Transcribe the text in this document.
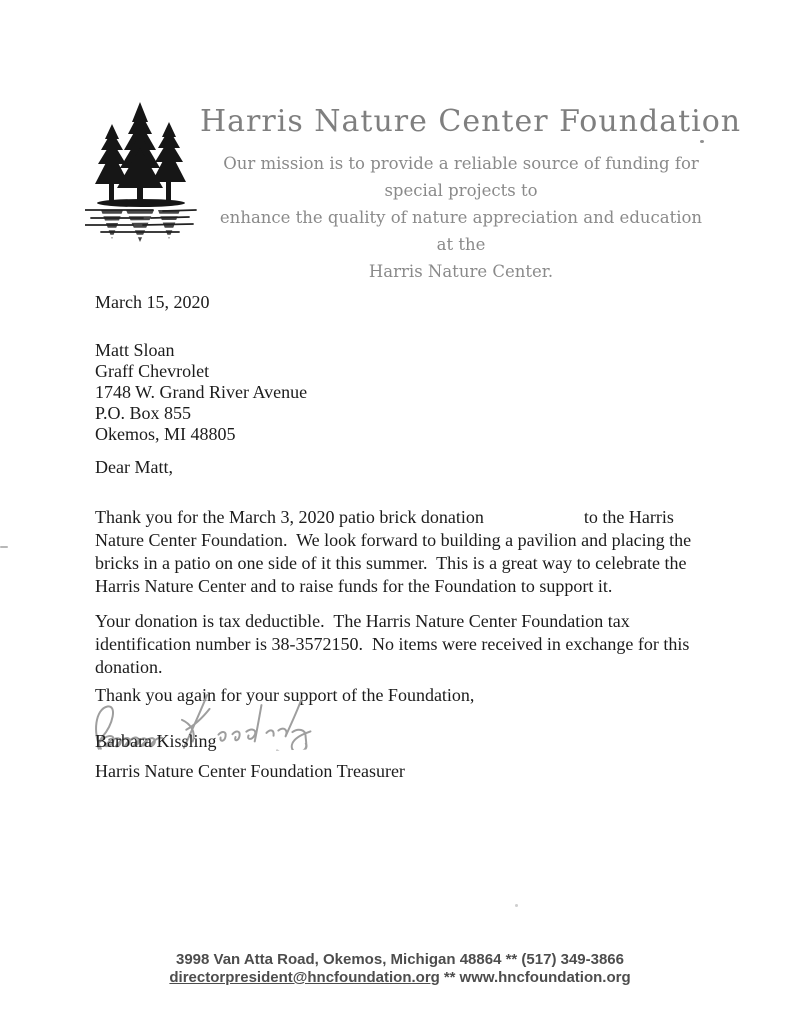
Harris Nature Center Foundation
Our mission is to provide a reliable source of funding for special projects to
enhance the quality of nature appreciation and education at the
Harris Nature Center.
March 15, 2020
Matt Sloan
Graff Chevrolet
1748 W. Grand River Avenue
P.O. Box 855
Okemos, MI 48805
Dear Matt,

Thank you for the March 3, 2020 patio brick donation	to the Harris Nature Center Foundation.  We look forward to building a pavilion and placing the bricks in a patio on one side of it this summer.  This is a great way to celebrate the Harris Nature Center and to raise funds for the Foundation to support it.

Your donation is tax deductible.  The Harris Nature Center Foundation tax identification number is 38-3572150.  No items were received in exchange for this donation.

Thank you again for your support of the Foundation,

Barbara Kissling
Harris Nature Center Foundation Treasurer
3998 Van Atta Road, Okemos, Michigan 48864 ** (517) 349-3866
directorpresident@hncfoundation.org ** www.hncfoundation.org
